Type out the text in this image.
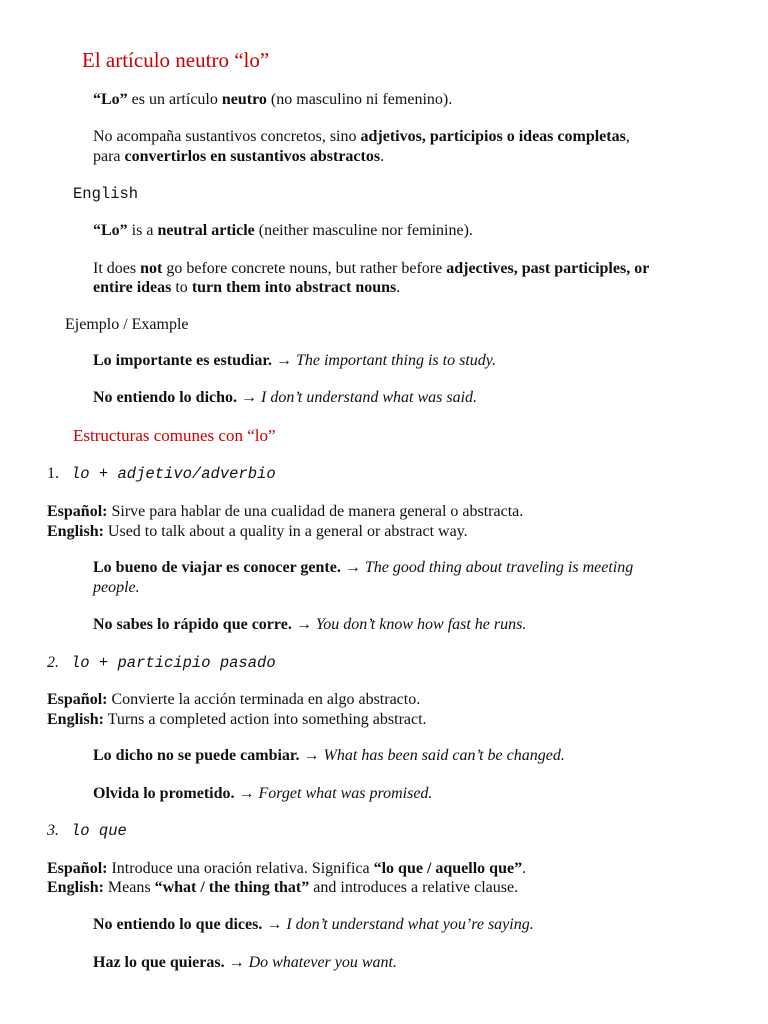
El artículo neutro “lo”
“Lo” es un artículo neutro (no masculino ni femenino).
No acompaña sustantivos concretos, sino adjetivos, participios o ideas completas,
para convertirlos en sustantivos abstractos.
English
“Lo” is a neutral article (neither masculine nor feminine).
It does not go before concrete nouns, but rather before adjectives, past participles, or
entire ideas to turn them into abstract nouns.
Ejemplo / Example
Lo importante es estudiar. → The important thing is to study.
No entiendo lo dicho. → I don’t understand what was said.
Estructuras comunes con “lo”
1. lo + adjetivo/adverbio
Español: Sirve para hablar de una cualidad de manera general o abstracta.
English: Used to talk about a quality in a general or abstract way.
Lo bueno de viajar es conocer gente. → The good thing about traveling is meeting
people.
No sabes lo rápido que corre. → You don’t know how fast he runs.
2. lo + participio pasado
Español: Convierte la acción terminada en algo abstracto.
English: Turns a completed action into something abstract.
Lo dicho no se puede cambiar. → What has been said can’t be changed.
Olvida lo prometido. → Forget what was promised.
3. lo que
Español: Introduce una oración relativa. Significa “lo que / aquello que”.
English: Means “what / the thing that” and introduces a relative clause.
No entiendo lo que dices. → I don’t understand what you’re saying.
Haz lo que quieras. → Do whatever you want.
